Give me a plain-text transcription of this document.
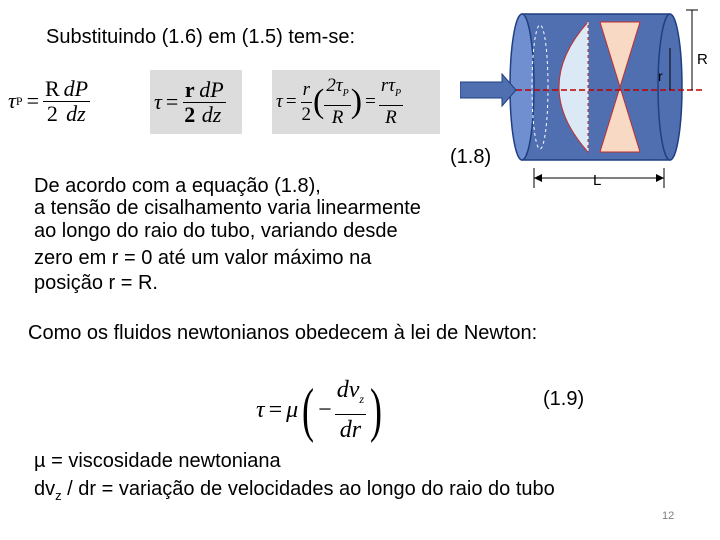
Substituindo (1.6) em (1.5) tem-se:
τ $P = \frac{R}{2} \frac{dP}{dz}$	$\tau = \frac{r}{2} \frac{dP}{dz}$	$\tau = \frac{r}{2}$ ( $\frac{2\tau_P}{R}$ ) = $\frac{r\tau_P}{R}$
(1.8)
De acordo com a equação (1.8),
a tensão de cisalhamento varia linearmente
ao longo do raio do tubo, variando desde
zero em r = 0 até um valor máximo na
posição r = R.
Como os fluidos newtonianos obedecem à lei de Newton:
τ = μ ( − $\frac{dv_z}{dr}$ )	(1.9)
µ = viscosidade newtoniana
$dv_z$ / dr = variação de velocidades ao longo do raio do tubo
12
r
R
L
